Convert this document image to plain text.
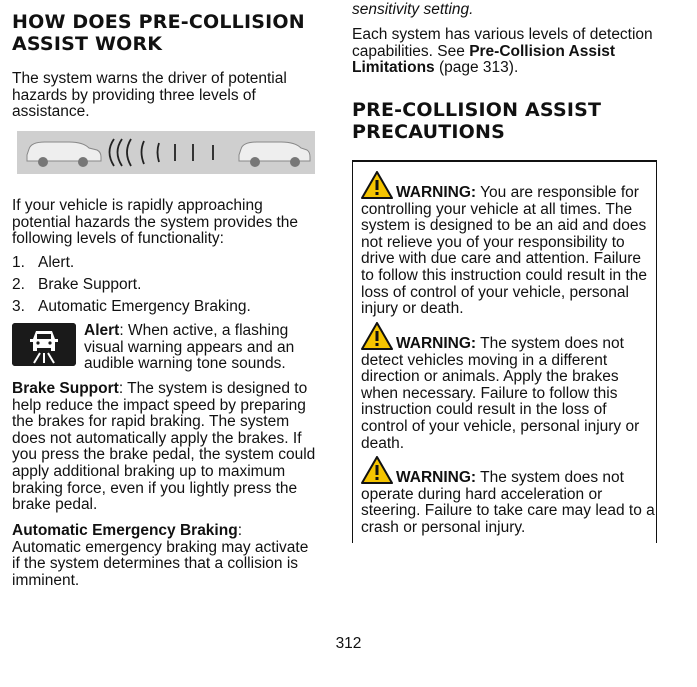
HOW DOES PRE-COLLISION ASSIST WORK

The system warns the driver of potential hazards by providing three levels of assistance.

If your vehicle is rapidly approaching potential hazards the system provides the following levels of functionality:

1. Alert.
2. Brake Support.
3. Automatic Emergency Braking.

Alert: When active, a flashing visual warning appears and an audible warning tone sounds.

Brake Support: The system is designed to help reduce the impact speed by preparing the brakes for rapid braking. The system does not automatically apply the brakes. If you press the brake pedal, the system could apply additional braking up to maximum braking force, even if you lightly press the brake pedal.

Automatic Emergency Braking: Automatic emergency braking may activate if the system determines that a collision is imminent.

sensitivity setting.

Each system has various levels of detection capabilities. See Pre-Collision Assist Limitations (page 313).

PRE-COLLISION ASSIST PRECAUTIONS

WARNING: You are responsible for controlling your vehicle at all times. The system is designed to be an aid and does not relieve you of your responsibility to drive with due care and attention. Failure to follow this instruction could result in the loss of control of your vehicle, personal injury or death.

WARNING: The system does not detect vehicles moving in a different direction or animals. Apply the brakes when necessary. Failure to follow this instruction could result in the loss of control of your vehicle, personal injury or death.

WARNING: The system does not operate during hard acceleration or steering. Failure to take care may lead to a crash or personal injury.

312
